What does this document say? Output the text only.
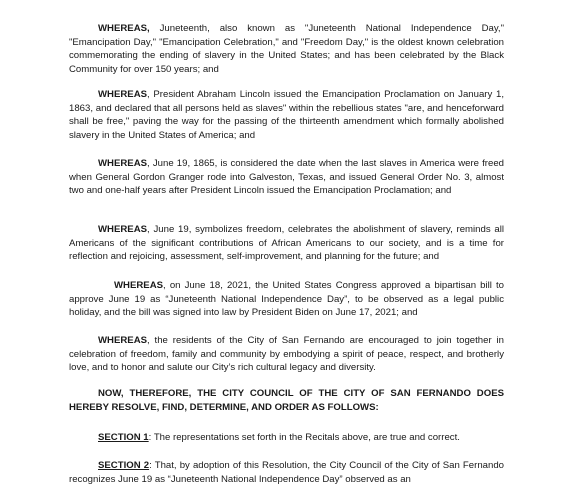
WHEREAS, Juneteenth, also known as "Juneteenth National Independence Day," "Emancipation Day," "Emancipation Celebration," and "Freedom Day," is the oldest known celebration commemorating the ending of slavery in the United States; and has been celebrated by the Black Community for over 150 years; and

WHEREAS, President Abraham Lincoln issued the Emancipation Proclamation on January 1, 1863, and declared that all persons held as slaves" within the rebellious states "are, and henceforward shall be free," paving the way for the passing of the thirteenth amendment which formally abolished slavery in the United States of America; and

WHEREAS, June 19, 1865, is considered the date when the last slaves in America were freed when General Gordon Granger rode into Galveston, Texas, and issued General Order No. 3, almost two and one-half years after President Lincoln issued the Emancipation Proclamation; and

WHEREAS, June 19, symbolizes freedom, celebrates the abolishment of slavery, reminds all Americans of the significant contributions of African Americans to our society, and is a time for reflection and rejoicing, assessment, self-improvement, and planning for the future; and

WHEREAS, on June 18, 2021, the United States Congress approved a bipartisan bill to approve June 19 as “Juneteenth National Independence Day”, to be observed as a legal public holiday, and the bill was signed into law by President Biden on June 17, 2021; and

WHEREAS, the residents of the City of San Fernando are encouraged to join together in celebration of freedom, family and community by embodying a spirit of peace, respect, and brotherly love, and to honor and salute our City’s rich cultural legacy and diversity.

NOW, THEREFORE, THE CITY COUNCIL OF THE CITY OF SAN FERNANDO DOES HEREBY RESOLVE, FIND, DETERMINE, AND ORDER AS FOLLOWS:

SECTION 1: The representations set forth in the Recitals above, are true and correct.

SECTION 2: That, by adoption of this Resolution, the City Council of the City of San Fernando recognizes June 19 as “Juneteenth National Independence Day” observed as an
